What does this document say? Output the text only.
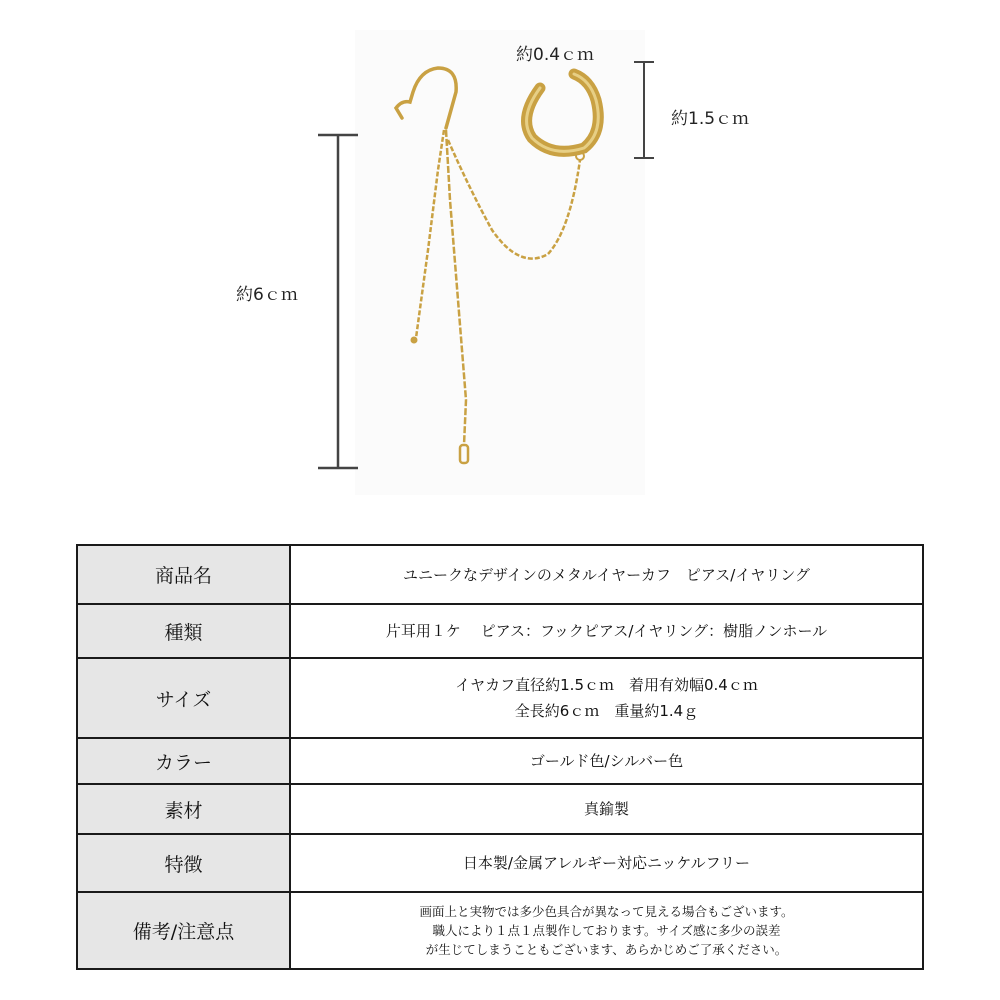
約0.4ｃｍ
約1.5ｃｍ
約6ｃｍ
商品名	ユニークなデザインのメタルイヤーカフ　ピアス/イヤリング

種類	片耳用１ケ　 ピアス：フックピアス/イヤリング：樹脂ノンホール

サイズ	イヤカフ直径約1.5ｃｍ　着用有効幅0.4ｃｍ
全長約6ｃｍ　重量約1.4ｇ

カラー	ゴールド色/シルバー色

素材	真鍮製

特徴	日本製/金属アレルギー対応ニッケルフリー

備考/注意点	画面上と実物では多少色具合が異なって見える場合もございます。
職人により１点１点製作しております。サイズ感に多少の誤差
が生じてしまうこともございます、あらかじめご了承ください。
